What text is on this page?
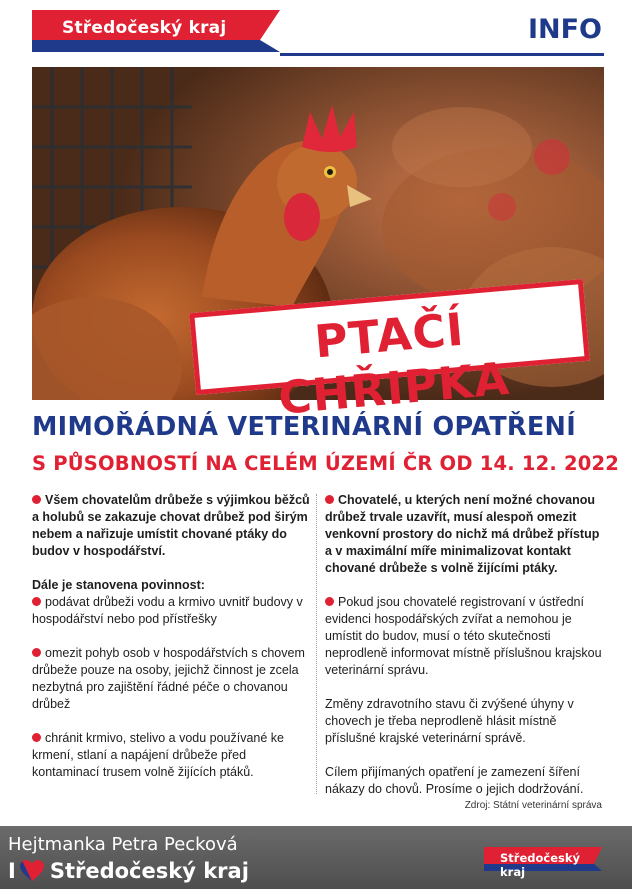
Středočeský kraj	INFO
PTAČÍ CHŘIPKA
MIMOŘÁDNÁ VETERINÁRNÍ OPATŘENÍ
S PŮSOBNOSTÍ NA CELÉM ÚZEMÍ ČR OD 14. 12. 2022

Všem chovatelům drůbeže s výjimkou běžců a holubů se zakazuje chovat drůbež pod širým nebem a nařizuje umístit chované ptáky do budov v hospodářství.

Dále je stanovena povinnost:
podávat drůbeži vodu a krmivo uvnitř budovy v hospodářství nebo pod přístřešky

omezit pohyb osob v hospodářstvích s chovem drůbeže pouze na osoby, jejichž činnost je zcela nezbytná pro zajištění řádné péče o chovanou drůbež

chránit krmivo, stelivo a vodu používané ke krmení, stlaní a napájení drůbeže před kontaminací trusem volně žijících ptáků.

Chovatelé, u kterých není možné chovanou drůbež trvale uzavřít, musí alespoň omezit venkovní prostory do nichž má drůbež přístup a v maximální míře minimalizovat kontakt chované drůbeže s volně žijícími ptáky.

Pokud jsou chovatelé registrovaní v ústřední evidenci hospodářských zvířat a nemohou je umístit do budov, musí o této skutečnosti neprodleně informovat místně příslušnou krajskou veterinární správu.

Změny zdravotního stavu či zvýšené úhyny v chovech je třeba neprodleně hlásit místně příslušné krajské veterinární správě.

Cílem přijímaných opatření je zamezení šíření nákazy do chovů. Prosíme o jejich dodržování.

Zdroj: Státní veterinární správa
Hejtmanka Petra Pecková
I Středočeský kraj
Středočeský kraj
